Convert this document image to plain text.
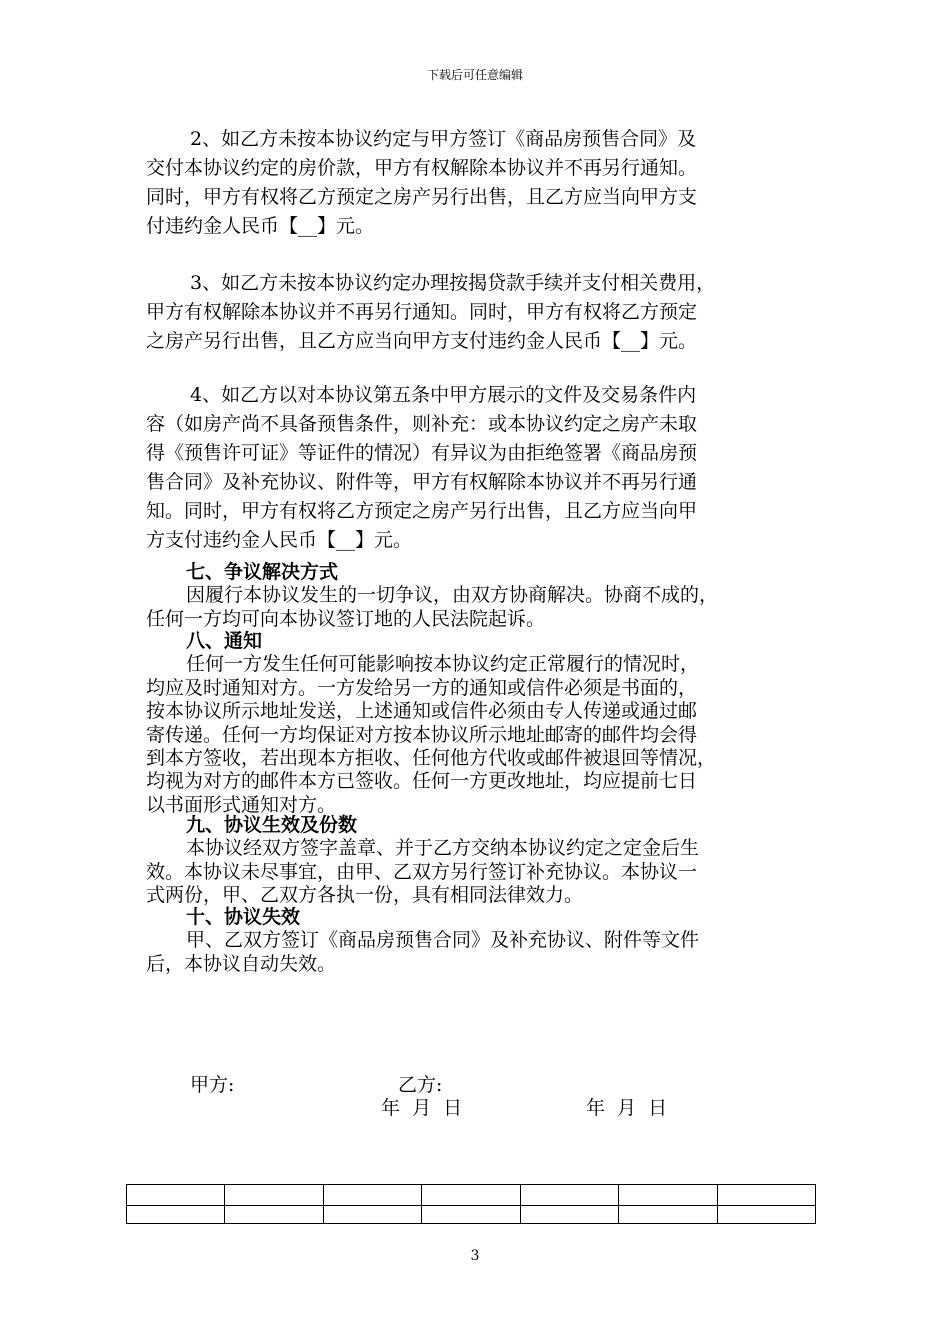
下载后可任意编辑
2、如乙方未按本协议约定与甲方签订《商品房预售合同》及
交付本协议约定的房价款，甲方有权解除本协议并不再另行通知。
同时，甲方有权将乙方预定之房产另行出售，且乙方应当向甲方支
付违约金人民币【__】元。
3、如乙方未按本协议约定办理按揭贷款手续并支付相关费用，
甲方有权解除本协议并不再另行通知。同时，甲方有权将乙方预定
之房产另行出售，且乙方应当向甲方支付违约金人民币【__】元。
4、如乙方以对本协议第五条中甲方展示的文件及交易条件内
容（如房产尚不具备预售条件，则补充：或本协议约定之房产未取
得《预售许可证》等证件的情况）有异议为由拒绝签署《商品房预
售合同》及补充协议、附件等，甲方有权解除本协议并不再另行通
知。同时，甲方有权将乙方预定之房产另行出售，且乙方应当向甲
方支付违约金人民币【__】元。
七、争议解决方式
因履行本协议发生的一切争议，由双方协商解决。协商不成的，
任何一方均可向本协议签订地的人民法院起诉。
八、通知
任何一方发生任何可能影响按本协议约定正常履行的情况时，
均应及时通知对方。一方发给另一方的通知或信件必须是书面的，
按本协议所示地址发送，上述通知或信件必须由专人传递或通过邮
寄传递。任何一方均保证对方按本协议所示地址邮寄的邮件均会得
到本方签收，若出现本方拒收、任何他方代收或邮件被退回等情况，
均视为对方的邮件本方已签收。任何一方更改地址，均应提前七日
以书面形式通知对方。
九、协议生效及份数
本协议经双方签字盖章、并于乙方交纳本协议约定之定金后生
效。本协议未尽事宜，由甲、乙双方另行签订补充协议。本协议一
式两份，甲、乙双方各执一份，具有相同法律效力。
十、协议失效
甲、乙双方签订《商品房预售合同》及补充协议、附件等文件
后，本协议自动失效。
甲方:	乙方:
年  月  日	年  月  日

3
